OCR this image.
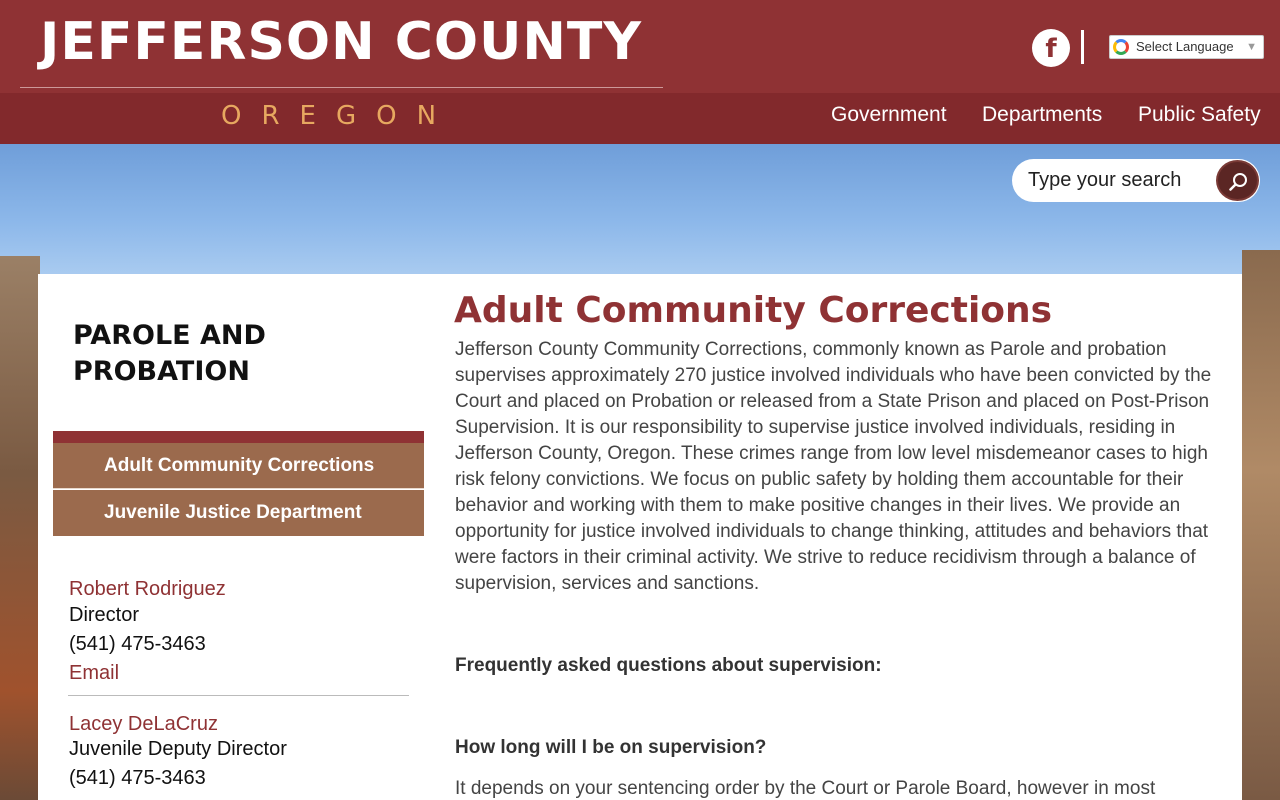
JEFFERSON COUNTY	f	Select Language ▼
OREGON	Government Departments Public Safety
Type your search
PAROLE AND PROBATION
Adult Community Corrections
Juvenile Justice Department
Robert Rodriguez
Director
(541) 475-3463
Email
Lacey DeLaCruz
Juvenile Deputy Director
(541) 475-3463
Adult Community Corrections
Jefferson County Community Corrections, commonly known as Parole and probation supervises approximately 270 justice involved individuals who have been convicted by the Court and placed on Probation or released from a State Prison and placed on Post-Prison Supervision. It is our responsibility to supervise justice involved individuals, residing in Jefferson County, Oregon. These crimes range from low level misdemeanor cases to high risk felony convictions. We focus on public safety by holding them accountable for their behavior and working with them to make positive changes in their lives. We provide an opportunity for justice involved individuals to change thinking, attitudes and behaviors that were factors in their criminal activity. We strive to reduce recidivism through a balance of supervision, services and sanctions.
Frequently asked questions about supervision:
How long will I be on supervision?
It depends on your sentencing order by the Court or Parole Board, however in most
